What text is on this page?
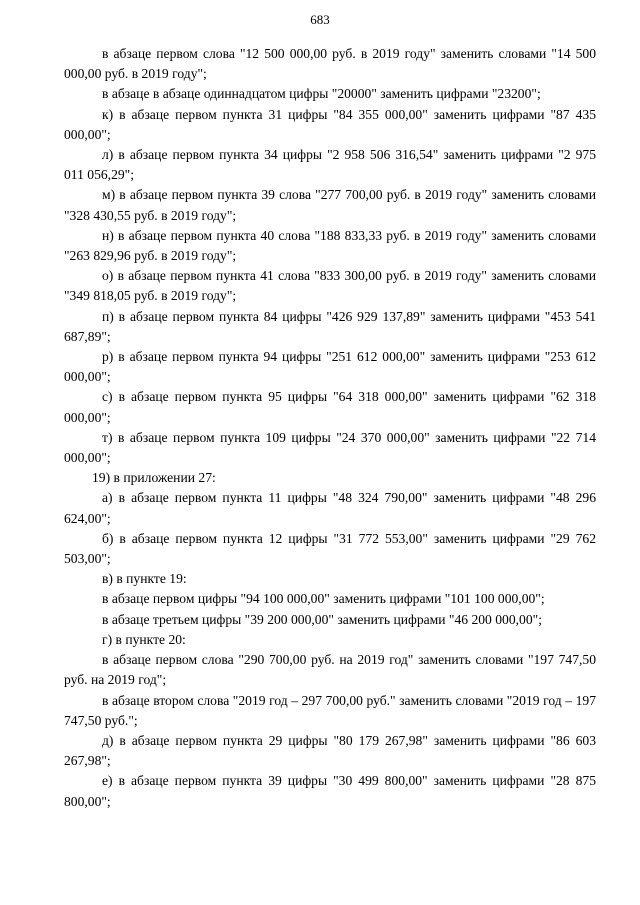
683

в абзаце первом слова "12 500 000,00 руб. в 2019 году" заменить словами "14 500 000,00 руб. в 2019 году";

в абзаце в абзаце одиннадцатом цифры "20000" заменить цифрами "23200";

к) в абзаце первом пункта 31 цифры "84 355 000,00" заменить цифрами "87 435 000,00";

л) в абзаце первом пункта 34 цифры "2 958 506 316,54" заменить цифрами "2 975 011 056,29";

м) в абзаце первом пункта 39 слова "277 700,00 руб. в 2019 году" заменить словами "328 430,55 руб. в 2019 году";

н) в абзаце первом пункта 40 слова "188 833,33 руб. в 2019 году" заменить словами "263 829,96 руб. в 2019 году";

о) в абзаце первом пункта 41 слова "833 300,00 руб. в 2019 году" заменить словами "349 818,05 руб. в 2019 году";

п) в абзаце первом пункта 84 цифры "426 929 137,89" заменить цифрами "453 541 687,89";

р) в абзаце первом пункта 94 цифры "251 612 000,00" заменить цифрами "253 612 000,00";

с) в абзаце первом пункта 95 цифры "64 318 000,00" заменить цифрами "62 318 000,00";

т) в абзаце первом пункта 109 цифры "24 370 000,00" заменить цифрами "22 714 000,00";

19) в приложении 27:

а) в абзаце первом пункта 11 цифры "48 324 790,00" заменить цифрами "48 296 624,00";

б) в абзаце первом пункта 12 цифры "31 772 553,00" заменить цифрами "29 762 503,00";

в) в пункте 19:

в абзаце первом цифры "94 100 000,00" заменить цифрами "101 100 000,00";

в абзаце третьем цифры "39 200 000,00" заменить цифрами "46 200 000,00";

г) в пункте 20:

в абзаце первом слова "290 700,00 руб. на 2019 год" заменить словами "197 747,50 руб. на 2019 год";

в абзаце втором слова "2019 год – 297 700,00 руб." заменить словами "2019 год – 197 747,50 руб.";

д) в абзаце первом пункта 29 цифры "80 179 267,98" заменить цифрами "86 603 267,98";

е) в абзаце первом пункта 39 цифры "30 499 800,00" заменить цифрами "28 875 800,00";
